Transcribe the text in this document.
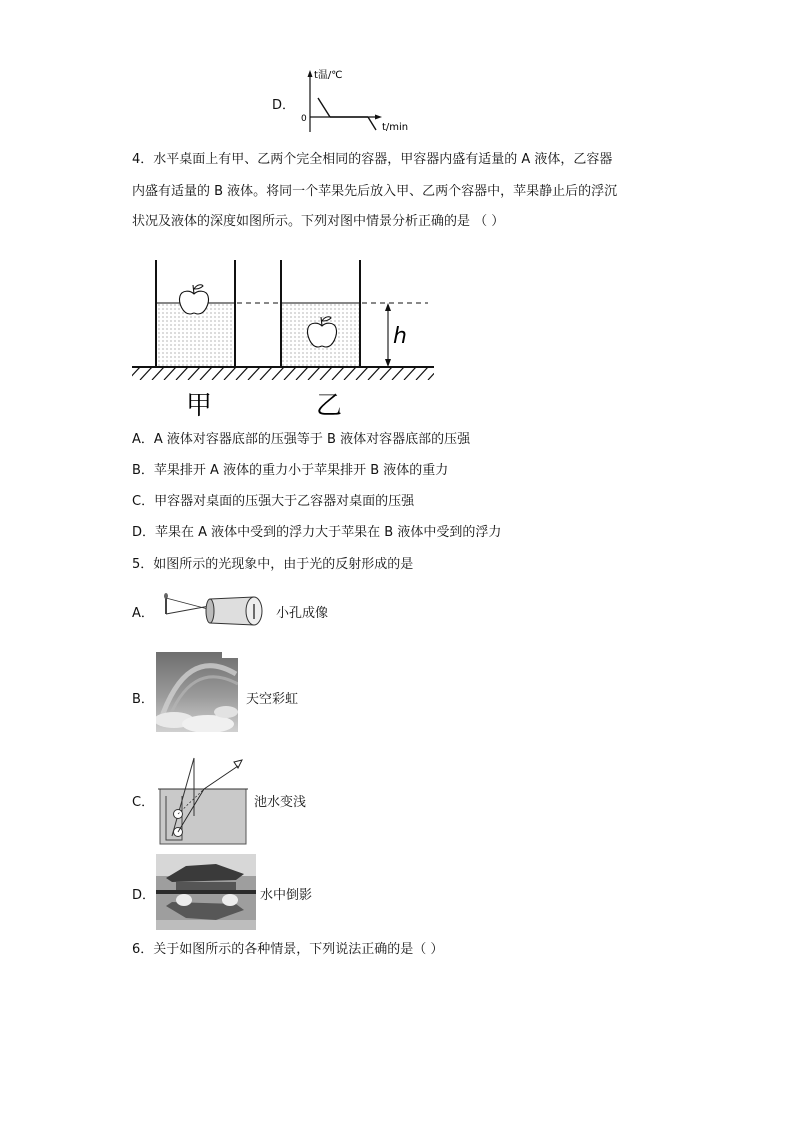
D．
t温/℃
0
t/min
4．水平桌面上有甲、乙两个完全相同的容器，甲容器内盛有适量的 A 液体，乙容器
内盛有适量的 B 液体。将同一个苹果先后放入甲、乙两个容器中，苹果静止后的浮沉
状况及液体的深度如图所示。下列对图中情景分析正确的是 （ ）
h
甲	乙
A．A 液体对容器底部的压强等于 B 液体对容器底部的压强
B．苹果排开 A 液体的重力小于苹果排开 B 液体的重力
C．甲容器对桌面的压强大于乙容器对桌面的压强
D．苹果在 A 液体中受到的浮力大于苹果在 B 液体中受到的浮力
5．如图所示的光现象中，由于光的反射形成的是
A．	小孔成像
B．	天空彩虹
C．	池水变浅
D．	水中倒影
6．关于如图所示的各种情景，下列说法正确的是（ ）
